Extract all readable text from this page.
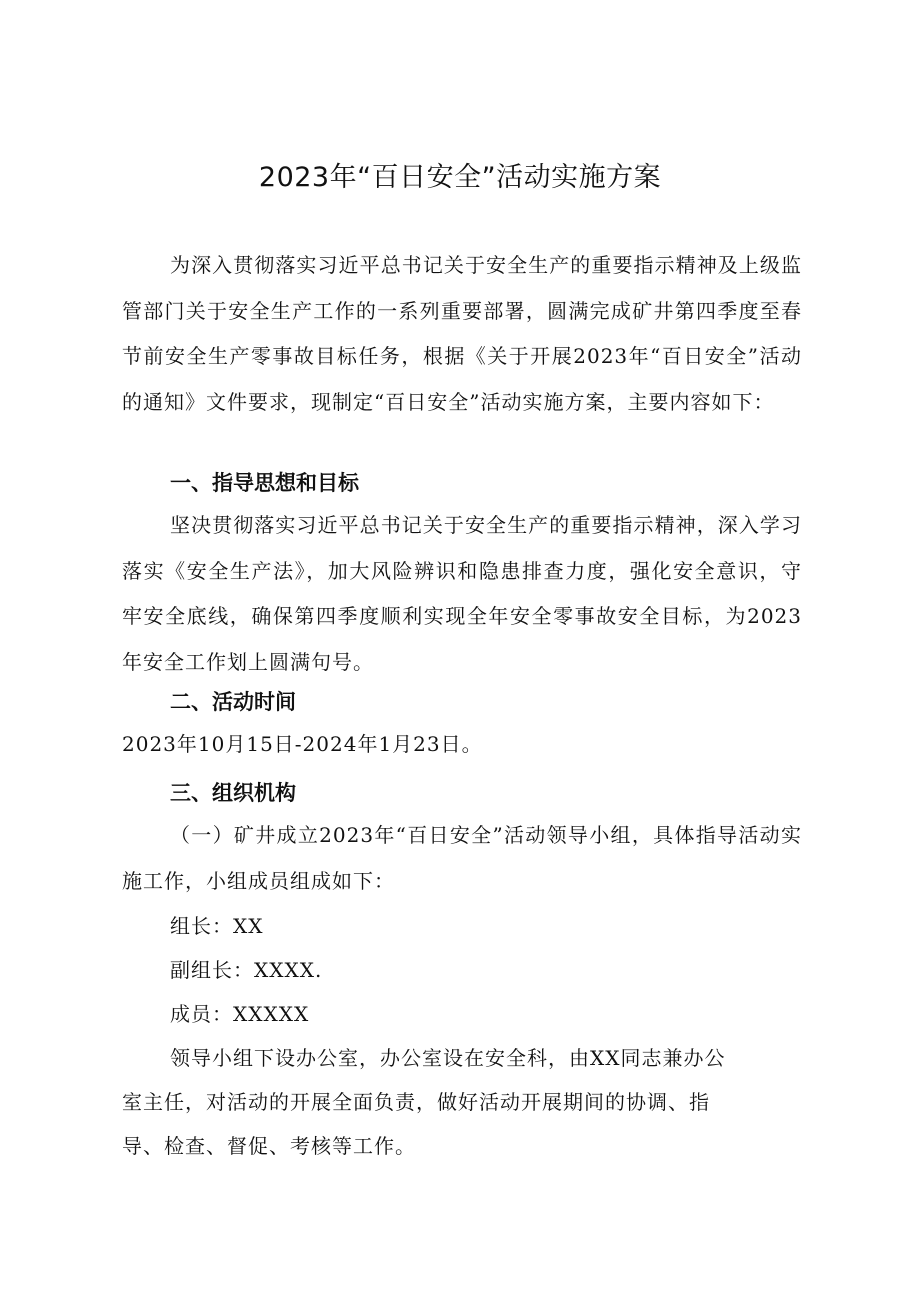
2023年“百日安全”活动实施方案

为深入贯彻落实习近平总书记关于安全生产的重要指示精神及上级监管部门关于安全生产工作的一系列重要部署，圆满完成矿井第四季度至春节前安全生产零事故目标任务，根据《关于开展2023年“百日安全”活动的通知》文件要求，现制定“百日安全”活动实施方案，主要内容如下：

一、指导思想和目标

坚决贯彻落实习近平总书记关于安全生产的重要指示精神，深入学习落实《安全生产法》，加大风险辨识和隐患排查力度，强化安全意识，守牢安全底线，确保第四季度顺利实现全年安全零事故安全目标，为2023年安全工作划上圆满句号。

二、活动时间

2023年10月15日-2024年1月23日。

三、组织机构

（一）矿井成立2023年“百日安全”活动领导小组，具体指导活动实施工作，小组成员组成如下：

组长：XX

副组长：XXXX.

成员：XXXXX

领导小组下设办公室，办公室设在安全科，由XX同志兼办公

室主任，对活动的开展全面负责，做好活动开展期间的协调、指

导、检查、督促、考核等工作。
